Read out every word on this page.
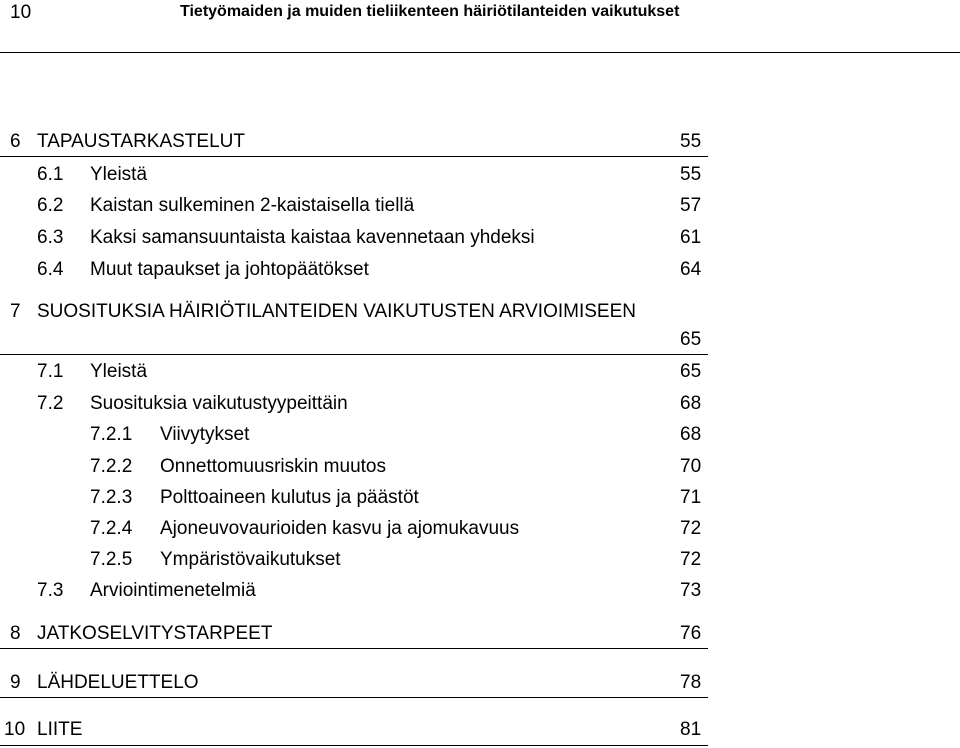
10	Tietyömaiden ja muiden tieliikenteen häiriötilanteiden vaikutukset
6 TAPAUSTARKASTELUT	55
6.1 Yleistä	55
6.2 Kaistan sulkeminen 2-kaistaisella tiellä	57
6.3 Kaksi samansuuntaista kaistaa kavennetaan yhdeksi	61
6.4 Muut tapaukset ja johtopäätökset	64
7 SUOSITUKSIA HÄIRIÖTILANTEIDEN VAIKUTUSTEN ARVIOIMISEEN
65
7.1 Yleistä	65
7.2 Suosituksia vaikutustyypeittäin	68
7.2.1 Viivytykset	68
7.2.2 Onnettomuusriskin muutos	70
7.2.3 Polttoaineen kulutus ja päästöt	71
7.2.4 Ajoneuvovaurioiden kasvu ja ajomukavuus	72
7.2.5 Ympäristövaikutukset	72
7.3 Arviointimenetelmiä	73
8 JATKOSELVITYSTARPEET	76
9 LÄHDELUETTELO	78
10 LIITE	81
